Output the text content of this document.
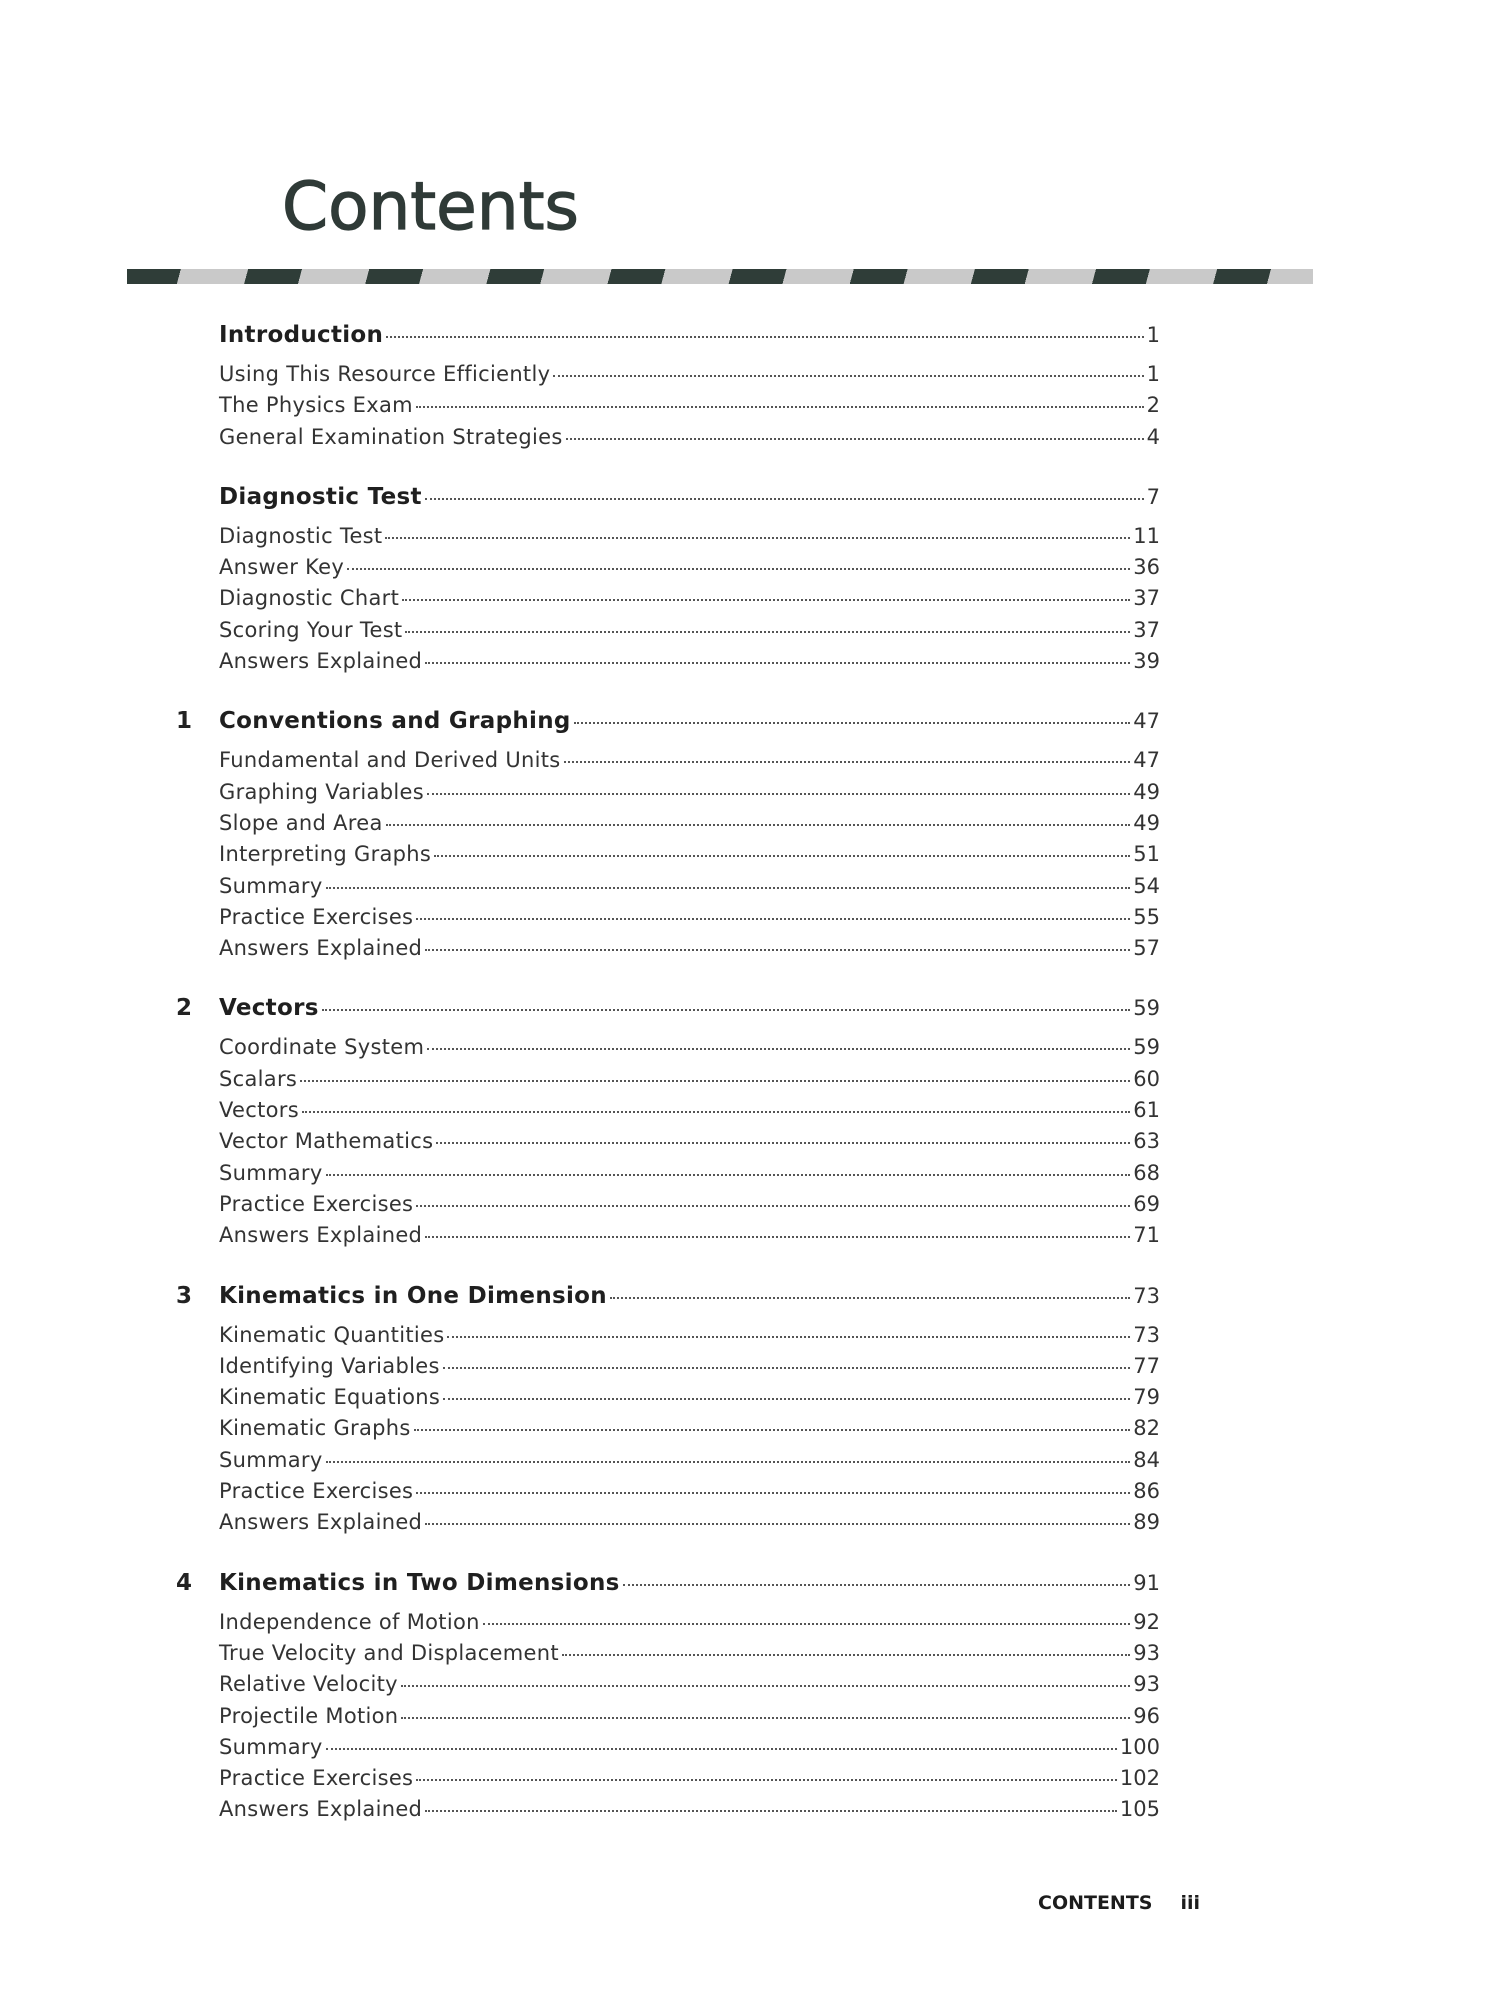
Contents
Introduction	1
Using This Resource Efficiently	1
The Physics Exam	2
General Examination Strategies	4
Diagnostic Test	7
Diagnostic Test	11
Answer Key	36
Diagnostic Chart	37
Scoring Your Test	37
Answers Explained	39
1 Conventions and Graphing	47
Fundamental and Derived Units	47
Graphing Variables	49
Slope and Area	49
Interpreting Graphs	51
Summary	54
Practice Exercises	55
Answers Explained	57
2 Vectors	59
Coordinate System	59
Scalars	60
Vectors	61
Vector Mathematics	63
Summary	68
Practice Exercises	69
Answers Explained	71
3 Kinematics in One Dimension	73
Kinematic Quantities	73
Identifying Variables	77
Kinematic Equations	79
Kinematic Graphs	82
Summary	84
Practice Exercises	86
Answers Explained	89
4 Kinematics in Two Dimensions	91
Independence of Motion	92
True Velocity and Displacement	93
Relative Velocity	93
Projectile Motion	96
Summary	100
Practice Exercises	102
Answers Explained	105
CONTENTS iii
